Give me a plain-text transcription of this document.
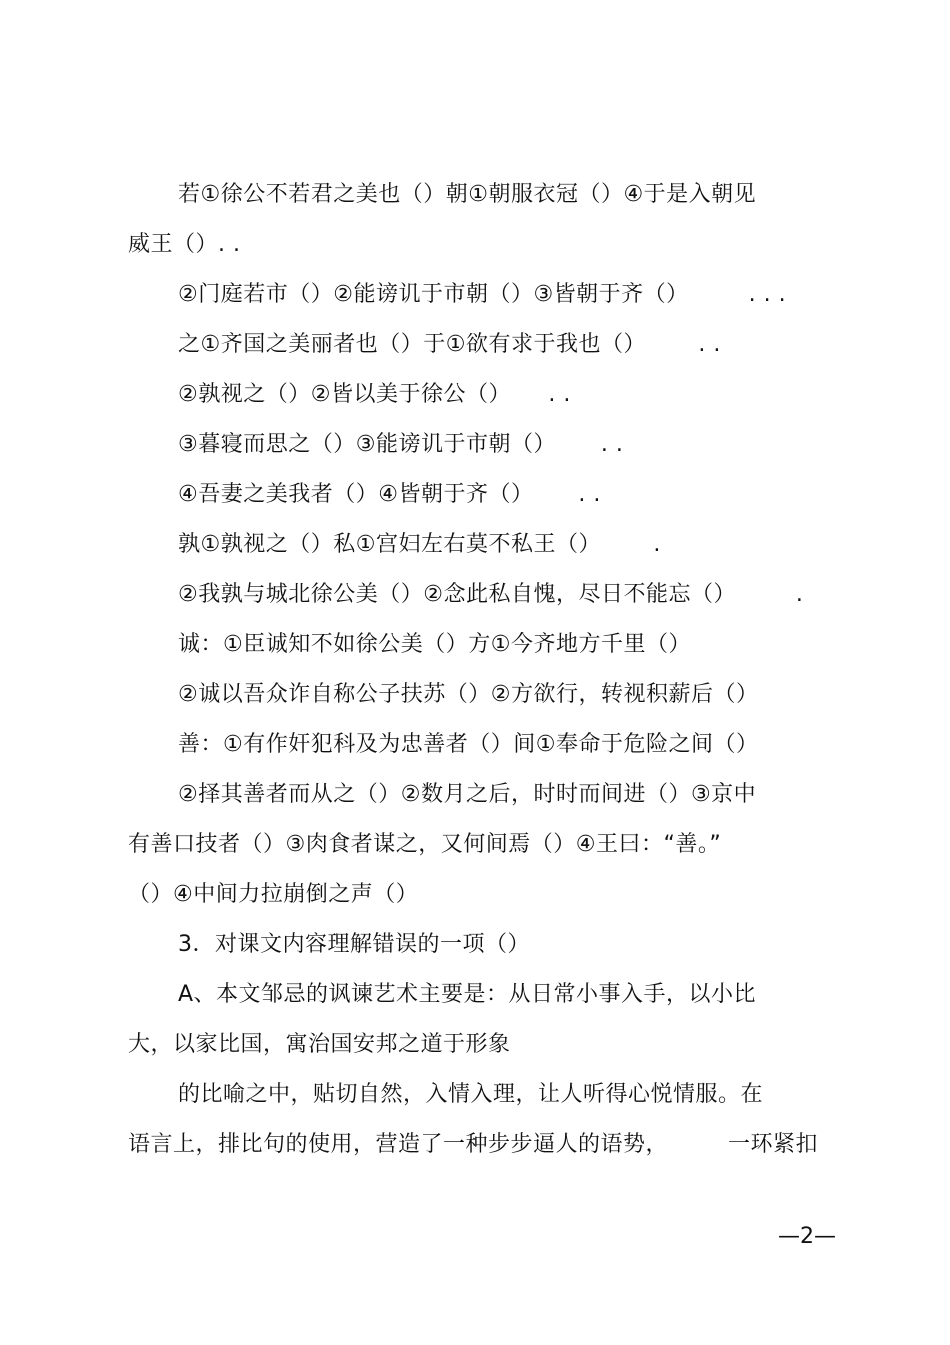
若①徐公不若君之美也（）朝①朝服衣冠（）④于是入朝见
威王（）. .
②门庭若市（）②能谤讥于市朝（）③皆朝于齐（）        . . .
之①齐国之美丽者也（）于①欲有求于我也（）       . .
②孰视之（）②皆以美于徐公（）     . .
③暮寝而思之（）③能谤讥于市朝（）      . .
④吾妻之美我者（）④皆朝于齐（）      . .
孰①孰视之（）私①宫妇左右莫不私王（）       .
②我孰与城北徐公美（）②念此私自愧，尽日不能忘（）        .
诚：①臣诚知不如徐公美（）方①今齐地方千里（）
②诚以吾众诈自称公子扶苏（）②方欲行，转视积薪后（）
善：①有作奸犯科及为忠善者（）间①奉命于危险之间（）
②择其善者而从之（）②数月之后，时时而间进（）③京中
有善口技者（）③肉食者谋之，又何间焉（）④王曰：“善。”
（）④中间力拉崩倒之声（）
3．对课文内容理解错误的一项（）
A、本文邹忌的讽谏艺术主要是：从日常小事入手，以小比
大，以家比国，寓治国安邦之道于形象
的比喻之中，贴切自然，入情入理，让人听得心悦情服。在
语言上，排比句的使用，营造了一种步步逼人的语势，        一环紧扣
—2—
